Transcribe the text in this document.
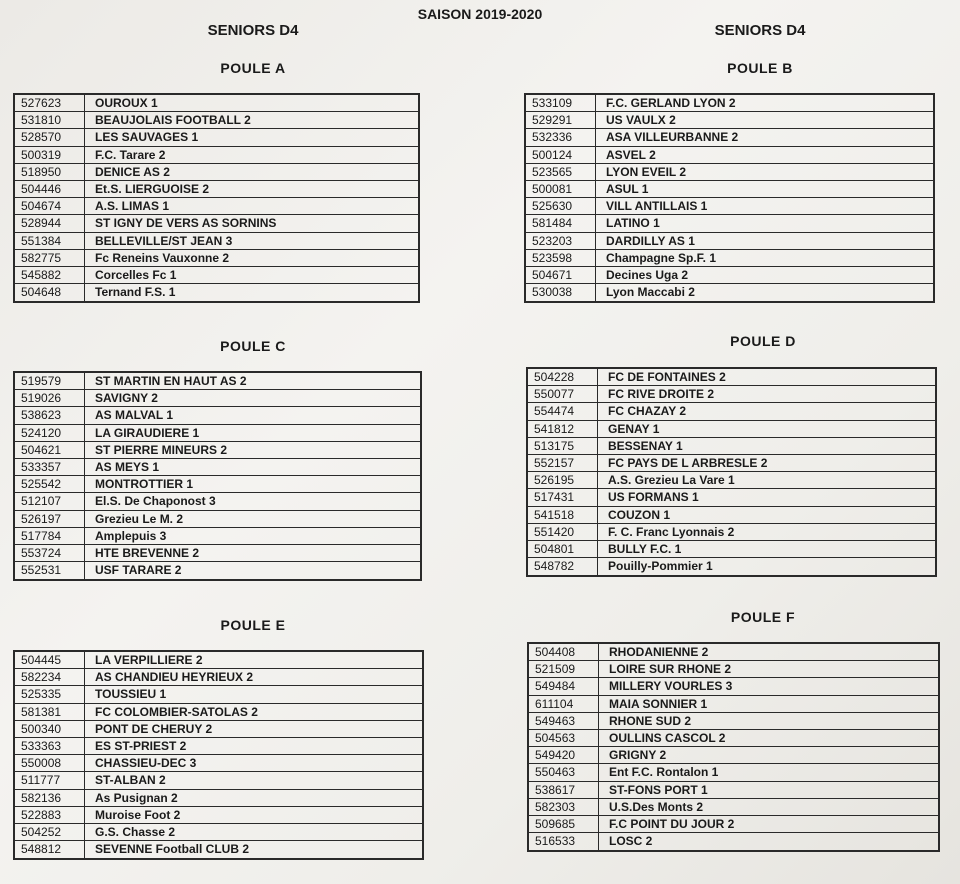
SAISON 2019-2020
SENIORS D4	SENIORS D4
POULE A	POULE B
POULE C	POULE D
POULE E	POULE F
527623	OUROUX 1
531810	BEAUJOLAIS FOOTBALL 2
528570	LES SAUVAGES 1
500319	F.C. Tarare 2
518950	DENICE AS 2
504446	Et.S. LIERGUOISE 2
504674	A.S. LIMAS 1
528944	ST IGNY DE VERS AS SORNINS
551384	BELLEVILLE/ST JEAN 3
582775	Fc Reneins Vauxonne 2
545882	Corcelles Fc 1
504648	Ternand F.S. 1
533109	F.C. GERLAND LYON 2
529291	US VAULX 2
532336	ASA VILLEURBANNE 2
500124	ASVEL 2
523565	LYON EVEIL 2
500081	ASUL 1
525630	VILL ANTILLAIS 1
581484	LATINO 1
523203	DARDILLY AS 1
523598	Champagne Sp.F. 1
504671	Decines Uga 2
530038	Lyon Maccabi 2
519579	ST MARTIN EN HAUT AS 2
519026	SAVIGNY 2
538623	AS MALVAL 1
524120	LA GIRAUDIERE 1
504621	ST PIERRE MINEURS 2
533357	AS MEYS 1
525542	MONTROTTIER 1
512107	El.S. De Chaponost 3
526197	Grezieu Le M. 2
517784	Amplepuis 3
553724	HTE BREVENNE 2
552531	USF TARARE 2
504228	FC DE FONTAINES 2
550077	FC RIVE DROITE 2
554474	FC CHAZAY 2
541812	GENAY 1
513175	BESSENAY 1
552157	FC PAYS DE L ARBRESLE 2
526195	A.S. Grezieu La Vare 1
517431	US FORMANS 1
541518	COUZON 1
551420	F. C. Franc Lyonnais 2
504801	BULLY F.C. 1
548782	Pouilly-Pommier 1
504445	LA VERPILLIERE 2
582234	AS CHANDIEU HEYRIEUX 2
525335	TOUSSIEU 1
581381	FC COLOMBIER-SATOLAS 2
500340	PONT DE CHERUY 2
533363	ES ST-PRIEST 2
550008	CHASSIEU-DEC 3
511777	ST-ALBAN 2
582136	As Pusignan 2
522883	Muroise Foot 2
504252	G.S. Chasse 2
548812	SEVENNE Football CLUB 2
504408	RHODANIENNE 2
521509	LOIRE SUR RHONE 2
549484	MILLERY VOURLES 3
611104	MAIA SONNIER 1
549463	RHONE SUD 2
504563	OULLINS CASCOL 2
549420	GRIGNY 2
550463	Ent F.C. Rontalon 1
538617	ST-FONS PORT 1
582303	U.S.Des Monts 2
509685	F.C POINT DU JOUR 2
516533	LOSC 2
